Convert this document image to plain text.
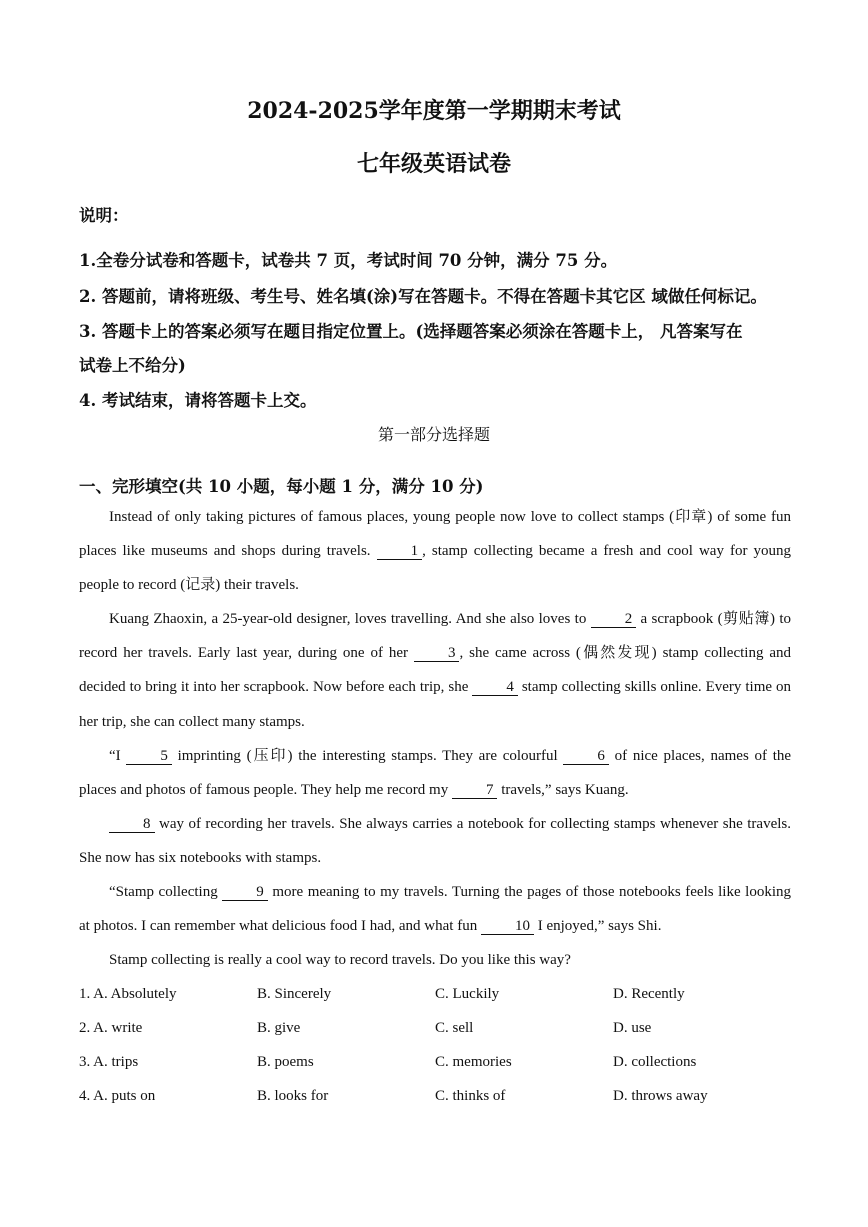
2024-2025学年度第一学期期末考试
七年级英语试卷
说明：
1.全卷分试卷和答题卡，试卷共 7 页，考试时间 70 分钟，满分 75 分。
2. 答题前，请将班级、考生号、姓名填(涂)写在答题卡。不得在答题卡其它区 域做任何标记。
3. 答题卡上的答案必须写在题目指定位置上。(选择题答案必须涂在答题卡上， 凡答案写在
试卷上不给分)
4. 考试结束，请将答题卡上交。
第一部分选择题
一、完形填空(共 10 小题，每小题 1 分，满分 10 分)

Instead of only taking pictures of famous places, young people now love to collect stamps (印章) of some fun places like museums and shops during travels.	1 , stamp collecting became a fresh and cool way for young people to record (记录) their travels.

Kuang Zhaoxin, a 25-year-old designer, loves travelling. And she also loves to	2 a scrapbook (剪贴簿) to record her travels. Early last year, during one of her	3 , she came across (偶然发现) stamp collecting and decided to bring it into her scrapbook. Now before each trip, she	4 stamp collecting skills online. Every time on her trip, she can collect many stamps.

“I	5 imprinting (压印) the interesting stamps. They are colourful	6 of nice places, names of the places and photos of famous people. They help me record my	7 travels,” says Kuang.

8 way of recording her travels. She always carries a notebook for collecting stamps whenever she travels. She now has six notebooks with stamps.

“Stamp collecting	9 more meaning to my travels. Turning the pages of those notebooks feels like looking at photos. I can remember what delicious food I had, and what fun	10 I enjoyed,” says Shi.

Stamp collecting is really a cool way to record travels. Do you like this way?

1. A. Absolutely	B. Sincerely	C. Luckily	D. Recently
2. A. write	B. give	C. sell	D. use
3. A. trips	B. poems	C. memories	D. collections
4. A. puts on	B. looks for	C. thinks of	D. throws away
